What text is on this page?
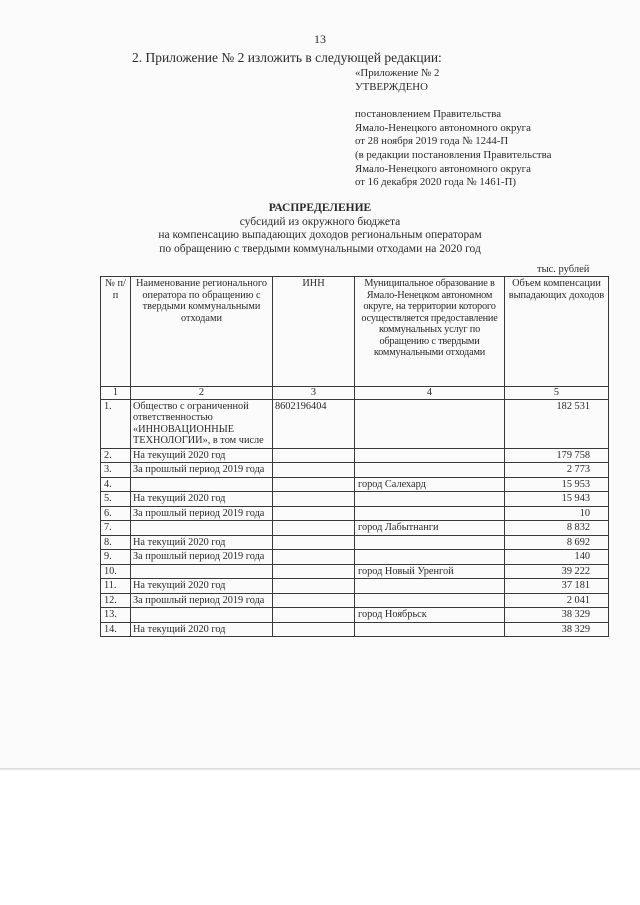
13
2. Приложение № 2 изложить в следующей редакции:
«Приложение № 2
УТВЕРЖДЕНО
постановлением Правительства
Ямало-Ненецкого автономного округа
от 28 ноября 2019 года № 1244-П
(в редакции постановления Правительства
Ямало-Ненецкого автономного округа
от 16 декабря 2020 года № 1461-П)
РАСПРЕДЕЛЕНИЕ
субсидий из окружного бюджета
на компенсацию выпадающих доходов региональным операторам
по обращению с твердыми коммунальными отходами на 2020 год
тыс. рублей
№ п/п	Наименование регионального оператора по обращению с твердыми коммунальными отходами	ИНН	Муниципальное образование в Ямало-Ненецком автономном округе, на территории которого осуществляется предоставление коммунальных услуг по обращению с твердыми коммунальными отходами	Объем компенсации выпадающих доходов
1	2	3	4	5
1.	Общество с ограниченной ответственностью «ИННОВАЦИОННЫЕ ТЕХНОЛОГИИ», в том числе	8602196404		182 531
2.	На текущий 2020 год			179 758
3.	За прошлый период 2019 года			2 773
4.			город Салехард	15 953
5.	На текущий 2020 год			15 943
6.	За прошлый период 2019 года			10
7.			город Лабытнанги	8 832
8.	На текущий 2020 год			8 692
9.	За прошлый период 2019 года			140
10.			город Новый Уренгой	39 222
11.	На текущий 2020 год			37 181
12.	За прошлый период 2019 года			2 041
13.			город Ноябрьск	38 329
14.	На текущий 2020 год			38 329
